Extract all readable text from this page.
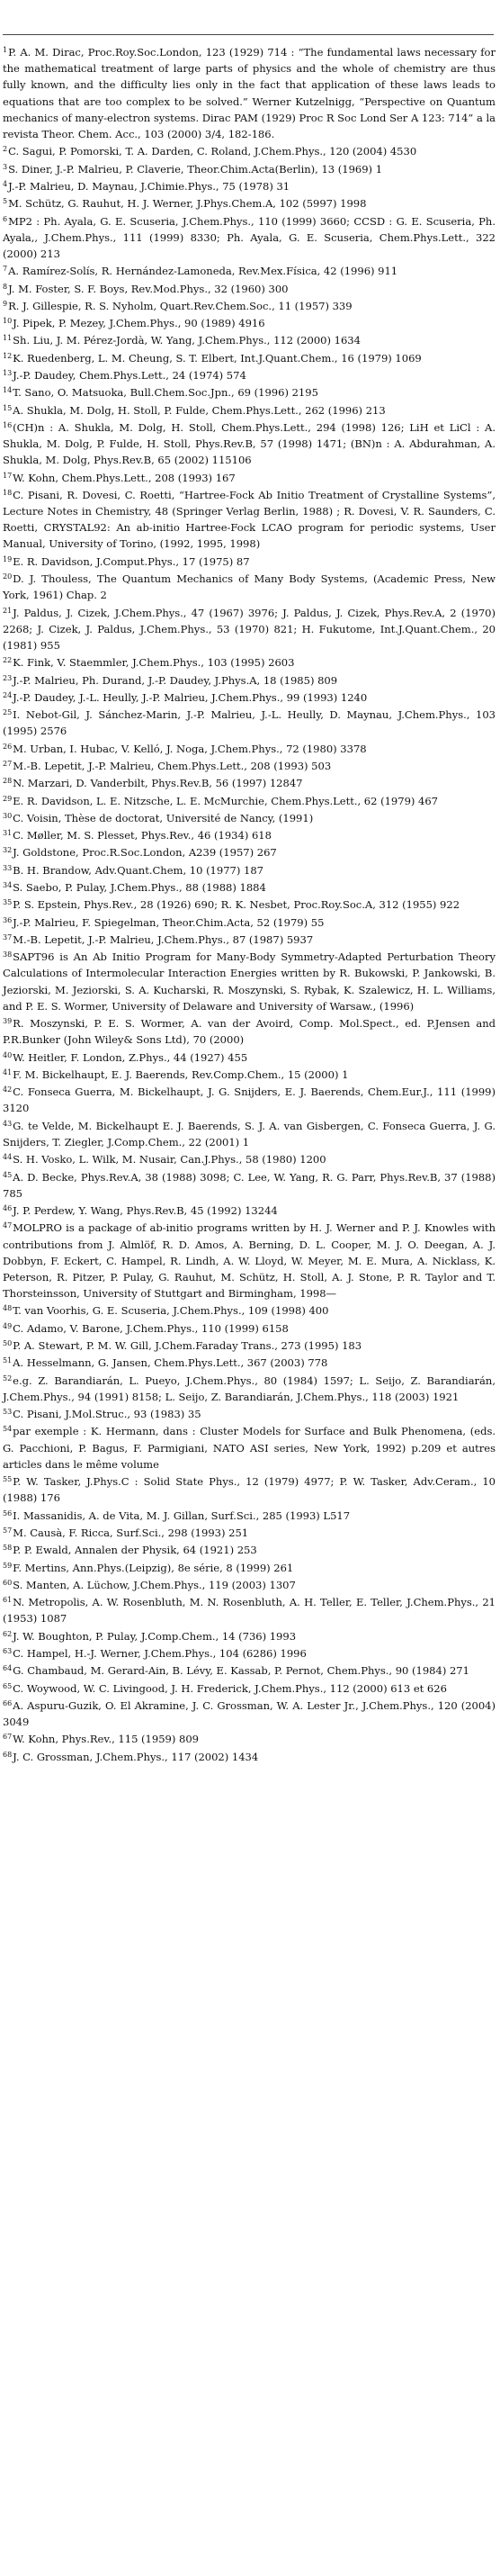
$^1$P. A. M. Dirac, Proc.Roy.Soc.London, 123 (1929) 714 : “The fundamental laws necessary for the mathematical treatment of large parts of physics and the whole of chemistry are thus fully known, and the difficulty lies only in the fact that application of these laws leads to equations that are too complex to be solved.” Werner Kutzelnigg, “Perspective on Quantum mechanics of many-electron systems. Dirac PAM (1929) Proc R Soc Lond Ser A 123: 714” a la revista Theor. Chem. Acc., 103 (2000) 3/4, 182-186.

$^2$C. Sagui, P. Pomorski, T. A. Darden, C. Roland, J.Chem.Phys., 120 (2004) 4530

$^3$S. Diner, J.-P. Malrieu, P. Claverie, Theor.Chim.Acta(Berlin), 13 (1969) 1

$^4$J.-P. Malrieu, D. Maynau, J.Chimie.Phys., 75 (1978) 31

$^5$M. Schütz, G. Rauhut, H. J. Werner, J.Phys.Chem.A, 102 (5997) 1998

$^6$MP2 : Ph. Ayala, G. E. Scuseria, J.Chem.Phys., 110 (1999) 3660; CCSD : G. E. Scuseria, Ph. Ayala,, J.Chem.Phys., 111 (1999) 8330; Ph. Ayala, G. E. Scuseria, Chem.Phys.Lett., 322 (2000) 213

$^7$A. Ramírez-Solís, R. Hernández-Lamoneda, Rev.Mex.Física, 42 (1996) 911

$^8$J. M. Foster, S. F. Boys, Rev.Mod.Phys., 32 (1960) 300

$^9$R. J. Gillespie, R. S. Nyholm, Quart.Rev.Chem.Soc., 11 (1957) 339

$^{10}$J. Pipek, P. Mezey, J.Chem.Phys., 90 (1989) 4916

$^{11}$Sh. Liu, J. M. Pérez-Jordà, W. Yang, J.Chem.Phys., 112 (2000) 1634

$^{12}$K. Ruedenberg, L. M. Cheung, S. T. Elbert, Int.J.Quant.Chem., 16 (1979) 1069

$^{13}$J.-P. Daudey, Chem.Phys.Lett., 24 (1974) 574

$^{14}$T. Sano, O. Matsuoka, Bull.Chem.Soc.Jpn., 69 (1996) 2195

$^{15}$A. Shukla, M. Dolg, H. Stoll, P. Fulde, Chem.Phys.Lett., 262 (1996) 213

$^{16}$(CH)n : A. Shukla, M. Dolg, H. Stoll, Chem.Phys.Lett., 294 (1998) 126; LiH et LiCl : A. Shukla, M. Dolg, P. Fulde, H. Stoll, Phys.Rev.B, 57 (1998) 1471; (BN)n : A. Abdurahman, A. Shukla, M. Dolg, Phys.Rev.B, 65 (2002) 115106

$^{17}$W. Kohn, Chem.Phys.Lett., 208 (1993) 167

$^{18}$C. Pisani, R. Dovesi, C. Roetti, “Hartree-Fock Ab Initio Treatment of Crystalline Systems”, Lecture Notes in Chemistry, 48 (Springer Verlag Berlin, 1988) ; R. Dovesi, V. R. Saunders, C. Roetti, CRYSTAL92: An ab-initio Hartree-Fock LCAO program for periodic systems, User Manual, University of Torino, (1992, 1995, 1998)

$^{19}$E. R. Davidson, J.Comput.Phys., 17 (1975) 87

$^{20}$D. J. Thouless, The Quantum Mechanics of Many Body Systems, (Academic Press, New York, 1961) Chap. 2

$^{21}$J. Paldus, J. Cizek, J.Chem.Phys., 47 (1967) 3976; J. Paldus, J. Cizek, Phys.Rev.A, 2 (1970) 2268; J. Cizek, J. Paldus, J.Chem.Phys., 53 (1970) 821; H. Fukutome, Int.J.Quant.Chem., 20 (1981) 955

$^{22}$K. Fink, V. Staemmler, J.Chem.Phys., 103 (1995) 2603

$^{23}$J.-P. Malrieu, Ph. Durand, J.-P. Daudey, J.Phys.A, 18 (1985) 809

$^{24}$J.-P. Daudey, J.-L. Heully, J.-P. Malrieu, J.Chem.Phys., 99 (1993) 1240

$^{25}$I. Nebot-Gil, J. Sánchez-Marin, J.-P. Malrieu, J.-L. Heully, D. Maynau, J.Chem.Phys., 103 (1995) 2576

$^{26}$M. Urban, I. Hubac, V. Kelló, J. Noga, J.Chem.Phys., 72 (1980) 3378

$^{27}$M.-B. Lepetit, J.-P. Malrieu, Chem.Phys.Lett., 208 (1993) 503

$^{28}$N. Marzari, D. Vanderbilt, Phys.Rev.B, 56 (1997) 12847

$^{29}$E. R. Davidson, L. E. Nitzsche, L. E. McMurchie, Chem.Phys.Lett., 62 (1979) 467

$^{30}$C. Voisin, Thèse de doctorat, Université de Nancy, (1991)

$^{31}$C. Møller, M. S. Plesset, Phys.Rev., 46 (1934) 618

$^{32}$J. Goldstone, Proc.R.Soc.London, A239 (1957) 267

$^{33}$B. H. Brandow, Adv.Quant.Chem, 10 (1977) 187

$^{34}$S. Saebo, P. Pulay, J.Chem.Phys., 88 (1988) 1884

$^{35}$P. S. Epstein, Phys.Rev., 28 (1926) 690; R. K. Nesbet, Proc.Roy.Soc.A, 312 (1955) 922

$^{36}$J.-P. Malrieu, F. Spiegelman, Theor.Chim.Acta, 52 (1979) 55

$^{37}$M.-B. Lepetit, J.-P. Malrieu, J.Chem.Phys., 87 (1987) 5937

$^{38}$SAPT96 is An Ab Initio Program for Many-Body Symmetry-Adapted Perturbation Theory Calculations of Intermolecular Interaction Energies written by R. Bukowski, P. Jankowski, B. Jeziorski, M. Jeziorski, S. A. Kucharski, R. Moszynski, S. Rybak, K. Szalewicz, H. L. Williams, and P. E. S. Wormer, University of Delaware and University of Warsaw., (1996)

$^{39}$R. Moszynski, P. E. S. Wormer, A. van der Avoird, Comp. Mol.Spect., ed. P.Jensen and P.R.Bunker (John Wiley& Sons Ltd), 70 (2000)

$^{40}$W. Heitler, F. London, Z.Phys., 44 (1927) 455

$^{41}$F. M. Bickelhaupt, E. J. Baerends, Rev.Comp.Chem., 15 (2000) 1

$^{42}$C. Fonseca Guerra, M. Bickelhaupt, J. G. Snijders, E. J. Baerends, Chem.Eur.J., 111 (1999) 3120

$^{43}$G. te Velde, M. Bickelhaupt E. J. Baerends, S. J. A. van Gisbergen, C. Fonseca Guerra, J. G. Snijders, T. Ziegler, J.Comp.Chem., 22 (2001) 1

$^{44}$S. H. Vosko, L. Wilk, M. Nusair, Can.J.Phys., 58 (1980) 1200

$^{45}$A. D. Becke, Phys.Rev.A, 38 (1988) 3098; C. Lee, W. Yang, R. G. Parr, Phys.Rev.B, 37 (1988) 785

$^{46}$J. P. Perdew, Y. Wang, Phys.Rev.B, 45 (1992) 13244

$^{47}$MOLPRO is a package of ab-initio programs written by H. J. Werner and P. J. Knowles with contributions from J. Almlöf, R. D. Amos, A. Berning, D. L. Cooper, M. J. O. Deegan, A. J. Dobbyn, F. Eckert, C. Hampel, R. Lindh, A. W. Lloyd, W. Meyer, M. E. Mura, A. Nicklass, K. Peterson, R. Pitzer, P. Pulay, G. Rauhut, M. Schütz, H. Stoll, A. J. Stone, P. R. Taylor and T. Thorsteinsson, University of Stuttgart and Birmingham, 1998—

$^{48}$T. van Voorhis, G. E. Scuseria, J.Chem.Phys., 109 (1998) 400

$^{49}$C. Adamo, V. Barone, J.Chem.Phys., 110 (1999) 6158

$^{50}$P. A. Stewart, P. M. W. Gill, J.Chem.Faraday Trans., 273 (1995) 183

$^{51}$A. Hesselmann, G. Jansen, Chem.Phys.Lett., 367 (2003) 778

$^{52}$e.g. Z. Barandiarán, L. Pueyo, J.Chem.Phys., 80 (1984) 1597; L. Seijo, Z. Barandiarán, J.Chem.Phys., 94 (1991) 8158; L. Seijo, Z. Barandiarán, J.Chem.Phys., 118 (2003) 1921

$^{53}$C. Pisani, J.Mol.Struc., 93 (1983) 35

$^{54}$par exemple : K. Hermann, dans : Cluster Models for Surface and Bulk Phenomena, (eds. G. Pacchioni, P. Bagus, F. Parmigiani, NATO ASI series, New York, 1992) p.209 et autres articles dans le même volume

$^{55}$P. W. Tasker, J.Phys.C : Solid State Phys., 12 (1979) 4977; P. W. Tasker, Adv.Ceram., 10 (1988) 176

$^{56}$I. Massanidis, A. de Vita, M. J. Gillan, Surf.Sci., 285 (1993) L517

$^{57}$M. Causà, F. Ricca, Surf.Sci., 298 (1993) 251

$^{58}$P. P. Ewald, Annalen der Physik, 64 (1921) 253

$^{59}$F. Mertins, Ann.Phys.(Leipzig), 8e série, 8 (1999) 261

$^{60}$S. Manten, A. Lüchow, J.Chem.Phys., 119 (2003) 1307

$^{61}$N. Metropolis, A. W. Rosenbluth, M. N. Rosenbluth, A. H. Teller, E. Teller, J.Chem.Phys., 21 (1953) 1087

$^{62}$J. W. Boughton, P. Pulay, J.Comp.Chem., 14 (736) 1993

$^{63}$C. Hampel, H.-J. Werner, J.Chem.Phys., 104 (6286) 1996

$^{64}$G. Chambaud, M. Gerard-Ain, B. Lévy, E. Kassab, P. Pernot, Chem.Phys., 90 (1984) 271

$^{65}$C. Woywood, W. C. Livingood, J. H. Frederick, J.Chem.Phys., 112 (2000) 613 et 626

$^{66}$A. Aspuru-Guzik, O. El Akramine, J. C. Grossman, W. A. Lester Jr., J.Chem.Phys., 120 (2004) 3049

$^{67}$W. Kohn, Phys.Rev., 115 (1959) 809

$^{68}$J. C. Grossman, J.Chem.Phys., 117 (2002) 1434
